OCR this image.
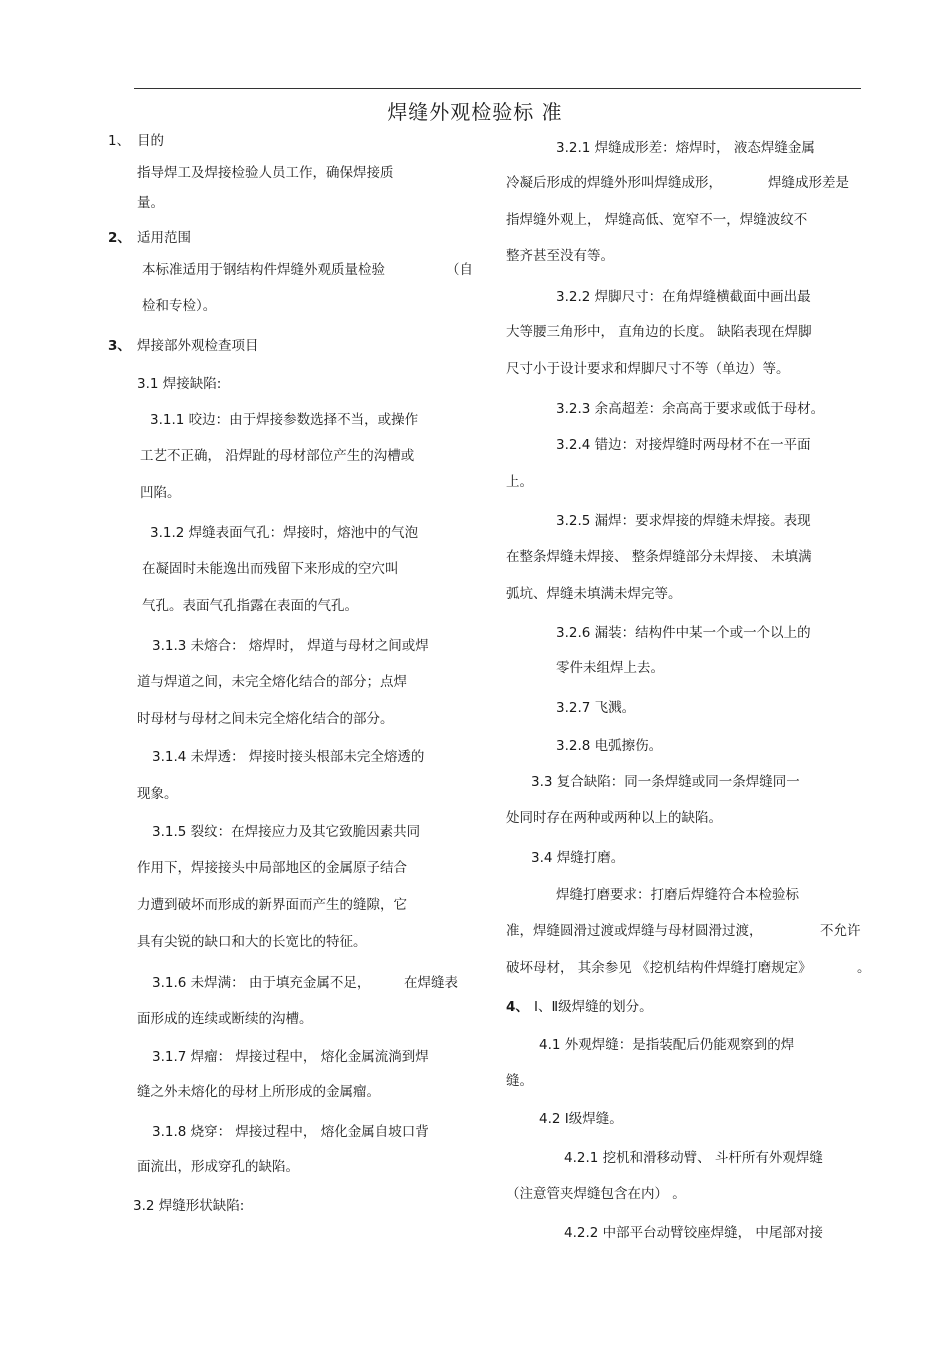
焊缝外观检验标 准
1、 目的
指导焊工及焊接检验人员工作，确保焊接质
量。
2、 适用范围
本标准适用于钢结构件焊缝外观质量检验	（自
检和专检）。
3、 焊接部外观检查项目
3.1 焊接缺陷:
3.1.1 咬边：由于焊接参数选择不当，或操作
工艺不正确， 沿焊趾的母材部位产生的沟槽或
凹陷。
3.1.2 焊缝表面气孔：焊接时，熔池中的气泡
在凝固时未能逸出而残留下来形成的空穴叫
气孔。表面气孔指露在表面的气孔。
3.1.3 未熔合： 熔焊时， 焊道与母材之间或焊
道与焊道之间，未完全熔化结合的部分；点焊
时母材与母材之间未完全熔化结合的部分。
3.1.4 未焊透： 焊接时接头根部未完全熔透的
现象。
3.1.5 裂纹：在焊接应力及其它致脆因素共同
作用下，焊接接头中局部地区的金属原子结合
力遭到破坏而形成的新界面而产生的缝隙，它
具有尖锐的缺口和大的长宽比的特征。
3.1.6 未焊满： 由于填充金属不足， 在焊缝表
面形成的连续或断续的沟槽。
3.1.7 焊瘤： 焊接过程中， 熔化金属流淌到焊
缝之外未熔化的母材上所形成的金属瘤。
3.1.8 烧穿： 焊接过程中， 熔化金属自坡口背
面流出，形成穿孔的缺陷。
3.2 焊缝形状缺陷:
3.2.1 焊缝成形差：熔焊时， 液态焊缝金属
冷凝后形成的焊缝外形叫焊缝成形，	焊缝成形差是
指焊缝外观上， 焊缝高低、宽窄不一，焊缝波纹不
整齐甚至没有等。
3.2.2 焊脚尺寸：在角焊缝横截面中画出最
大等腰三角形中， 直角边的长度。 缺陷表现在焊脚
尺寸小于设计要求和焊脚尺寸不等（单边）等。
3.2.3 余高超差：余高高于要求或低于母材。
3.2.4 错边：对接焊缝时两母材不在一平面
上。
3.2.5 漏焊：要求焊接的焊缝未焊接。表现
在整条焊缝未焊接、 整条焊缝部分未焊接、 未填满
弧坑、焊缝未填满未焊完等。
3.2.6 漏装：结构件中某一个或一个以上的
零件未组焊上去。
3.2.7 飞溅。
3.2.8 电弧擦伤。
3.3 复合缺陷：同一条焊缝或同一条焊缝同一
处同时存在两种或两种以上的缺陷。
3.4 焊缝打磨。
焊缝打磨要求：打磨后焊缝符合本检验标
准，焊缝圆滑过渡或焊缝与母材圆滑过渡，	不允许
破坏母材， 其余参见 《挖机结构件焊缝打磨规定》	。
4、 Ⅰ、Ⅱ级焊缝的划分。
4.1 外观焊缝：是指装配后仍能观察到的焊
缝。
4.2 Ⅰ级焊缝。
4.2.1 挖机和滑移动臂、 斗杆所有外观焊缝
（注意管夹焊缝包含在内） 。
4.2.2 中部平台动臂铰座焊缝， 中尾部对接
